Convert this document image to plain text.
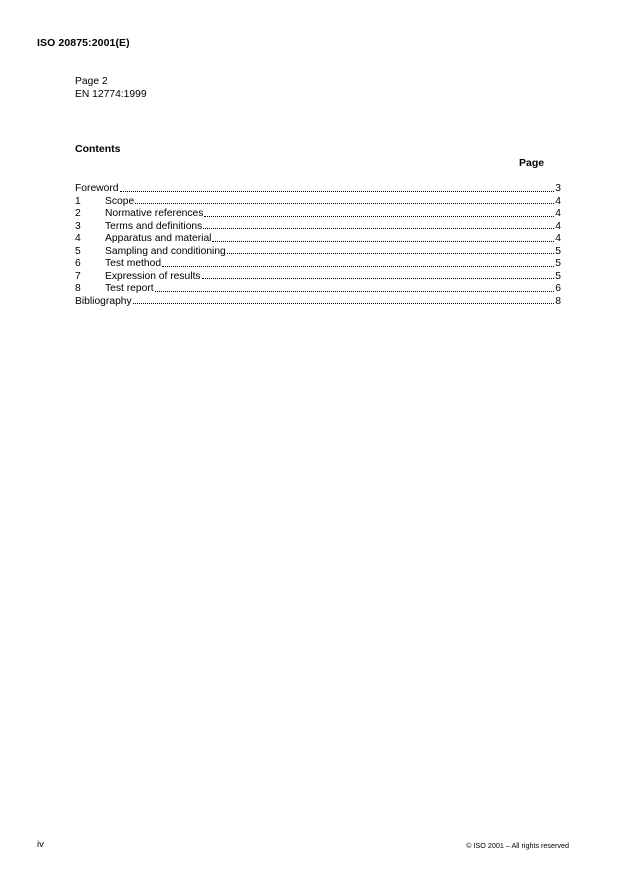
ISO 20875:2001(E)
Page 2
EN 12774:1999
Contents
Page
Foreword	3
1	Scope	4
2	Normative references	4
3	Terms and definitions	4
4	Apparatus and material	4
5	Sampling and conditioning	5
6	Test method	5
7	Expression of results	5
8	Test report	6
Bibliography	8
iv	© ISO 2001 – All rights reserved
